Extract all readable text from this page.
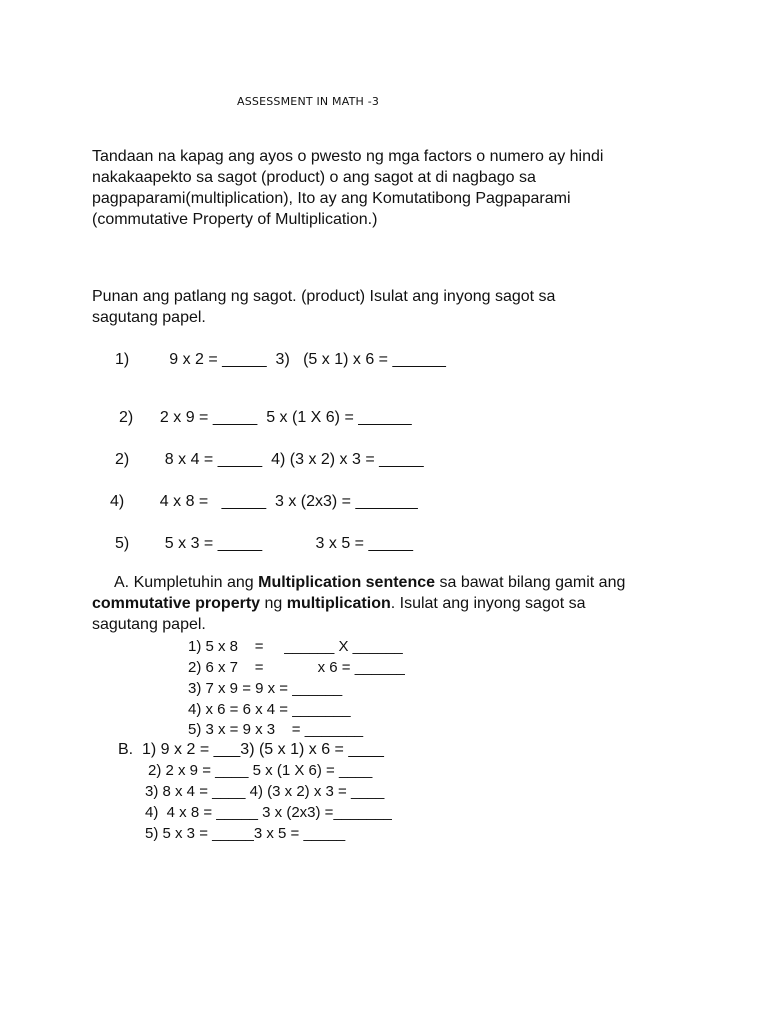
ASSESSMENT IN MATH -3
Tandaan na kapag ang ayos o pwesto ng mga factors o numero ay hindi
nakakaapekto sa sagot (product) o ang sagot at di nagbago sa
pagpaparami(multiplication), Ito ay ang Komutatibong Pagpaparami
(commutative Property of Multiplication.)
Punan ang patlang ng sagot. (product) Isulat ang inyong sagot sa
sagutang papel.
1)         9 x 2 = _____  3)   (5 x 1) x 6 = ______
2)      2 x 9 = _____  5 x (1 X 6) = ______
2)        8 x 4 = _____  4) (3 x 2) x 3 = _____
4)        4 x 8 =   _____  3 x (2x3) = _______
5)        5 x 3 = _____            3 x 5 = _____
A. Kumpletuhin ang Multiplication sentence sa bawat bilang gamit ang
commutative property ng multiplication. Isulat ang inyong sagot sa
sagutang papel.
1) 5 x 8    =     ______ X ______
2) 6 x 7    =             x 6 = ______
3) 7 x 9 = 9 x = ______
4) x 6 = 6 x 4 = _______
5) 3 x = 9 x 3    = _______
B.  1) 9 x 2 = ___3) (5 x 1) x 6 = ____
2) 2 x 9 = ____ 5 x (1 X 6) = ____
3) 8 x 4 = ____ 4) (3 x 2) x 3 = ____
4)  4 x 8 = _____ 3 x (2x3) =_______
5) 5 x 3 = _____3 x 5 = _____
